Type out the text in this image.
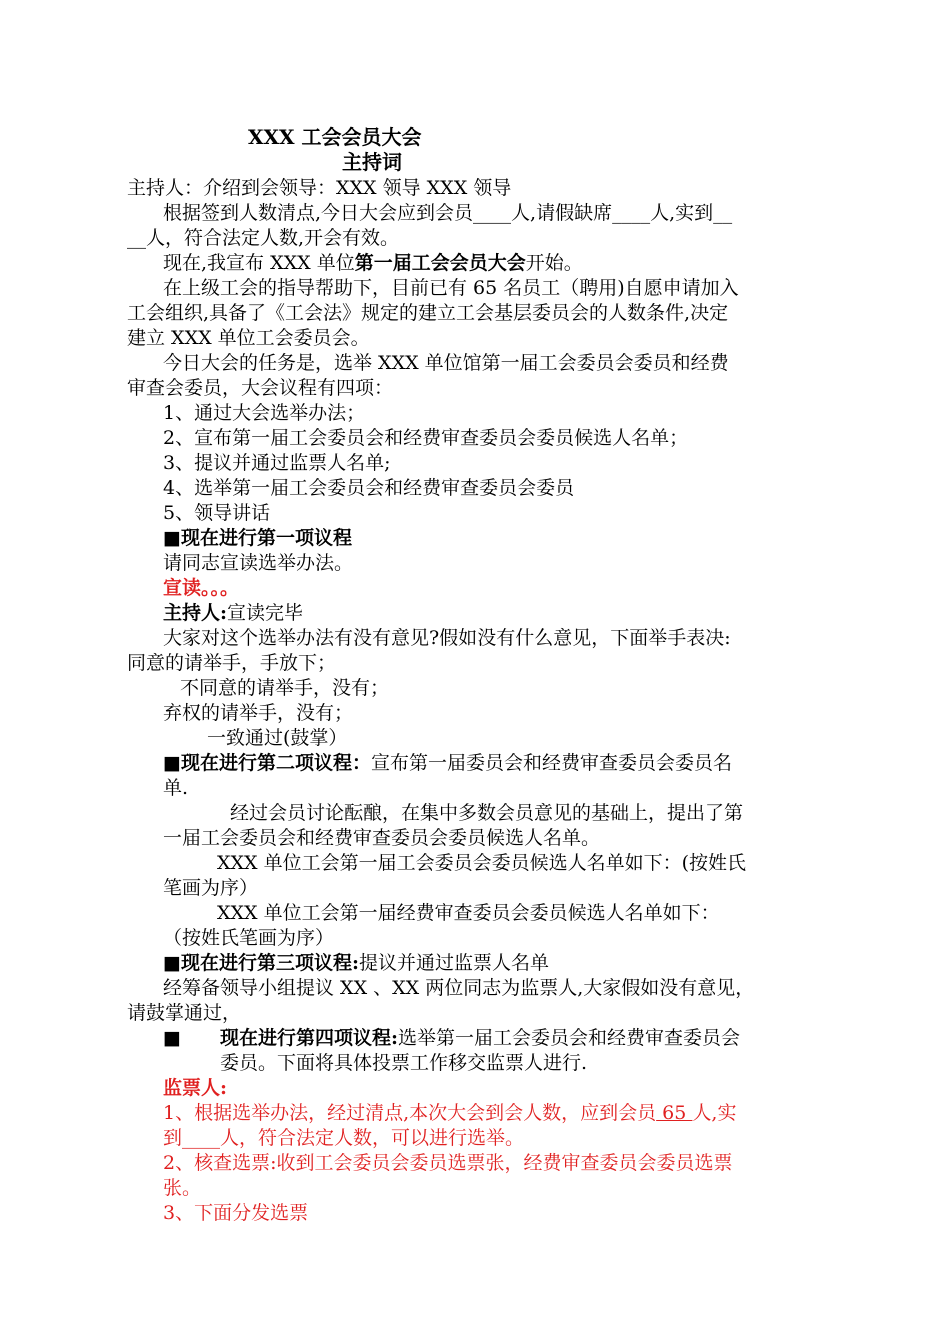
XXX 工会会员大会
主持词
主持人：介绍到会领导：XXX 领导 XXX 领导
根据签到人数清点,今日大会应到会员____人,请假缺席____人,实到__
__人，符合法定人数,开会有效。
现在,我宣布 XXX 单位第一届工会会员大会开始。
在上级工会的指导帮助下，目前已有 65 名员工（聘用)自愿申请加入
工会组织,具备了《工会法》规定的建立工会基层委员会的人数条件,决定
建立 XXX 单位工会委员会。
今日大会的任务是，选举 XXX 单位馆第一届工会委员会委员和经费
审查会委员，大会议程有四项：
1、通过大会选举办法；
2、宣布第一届工会委员会和经费审查委员会委员候选人名单；
3、提议并通过监票人名单;
4、选举第一届工会委员会和经费审查委员会委员
5、领导讲话
■现在进行第一项议程
请同志宣读选举办法。
宣读。。。
主持人:宣读完毕
大家对这个选举办法有没有意见?假如没有什么意见，下面举手表决:
同意的请举手，手放下；
不同意的请举手，没有；
弃权的请举手，没有；
一致通过(鼓掌）
■现在进行第二项议程：宣布第一届委员会和经费审查委员会委员名
单.
经过会员讨论酝酿，在集中多数会员意见的基础上，提出了第
一届工会委员会和经费审查委员会委员候选人名单。
XXX 单位工会第一届工会委员会委员候选人名单如下：(按姓氏
笔画为序）
XXX 单位工会第一届经费审查委员会委员候选人名单如下：
（按姓氏笔画为序）
■现在进行第三项议程:提议并通过监票人名单
经筹备领导小组提议 XX 、XX 两位同志为监票人,大家假如没有意见，
请鼓掌通过，
■ 现在进行第四项议程:选举第一届工会委员会和经费审查委员会
委员。下面将具体投票工作移交监票人进行.
监票人:
1、根据选举办法，经过清点,本次大会到会人数，应到会员 65 人,实
到____人，符合法定人数，可以进行选举。
2、核查选票:收到工会委员会委员选票张，经费审查委员会委员选票
张。
3、下面分发选票
